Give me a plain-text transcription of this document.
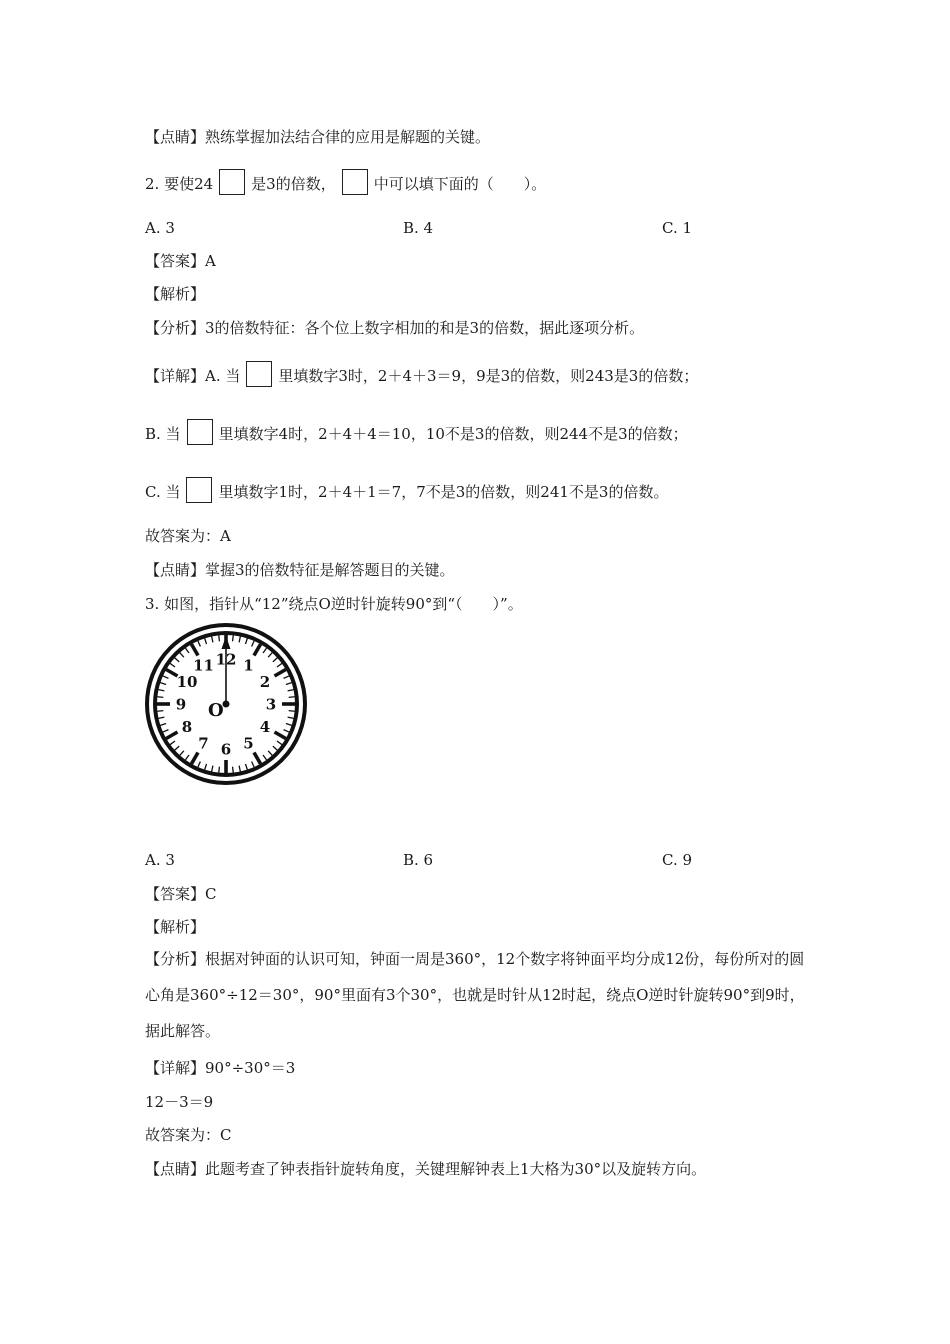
【点睛】熟练掌握加法结合律的应用是解题的关键。
2. 要使24	是3的倍数，	中可以填下面的（　　）。
A. 3	B. 4	C. 1
【答案】A
【解析】
【分析】3的倍数特征：各个位上数字相加的和是3的倍数，据此逐项分析。
【详解】A. 当	里填数字3时，2＋4＋3＝9，9是3的倍数，则243是3的倍数；
B. 当	里填数字4时，2＋4＋4＝10，10不是3的倍数，则244不是3的倍数；
C. 当	里填数字1时，2＋4＋1＝7，7不是3的倍数，则241不是3的倍数。
故答案为：A
【点睛】掌握3的倍数特征是解答题目的关键。
3. 如图，指针从“12”绕点O逆时针旋转90°到“（　　）”。
12 1
2
3
4
5
6
7
8
9
10
11
O
A. 3	B. 6	C. 9
【答案】C
【解析】
【分析】根据对钟面的认识可知，钟面一周是360°，12个数字将钟面平均分成12份，每份所对的圆心角是360°÷12＝30°，90°里面有3个30°，也就是时针从12时起，绕点O逆时针旋转90°到9时，据此解答。
【详解】90°÷30°＝3
12－3＝9
故答案为：C
【点睛】此题考查了钟表指针旋转角度，关键理解钟表上1大格为30°以及旋转方向。
